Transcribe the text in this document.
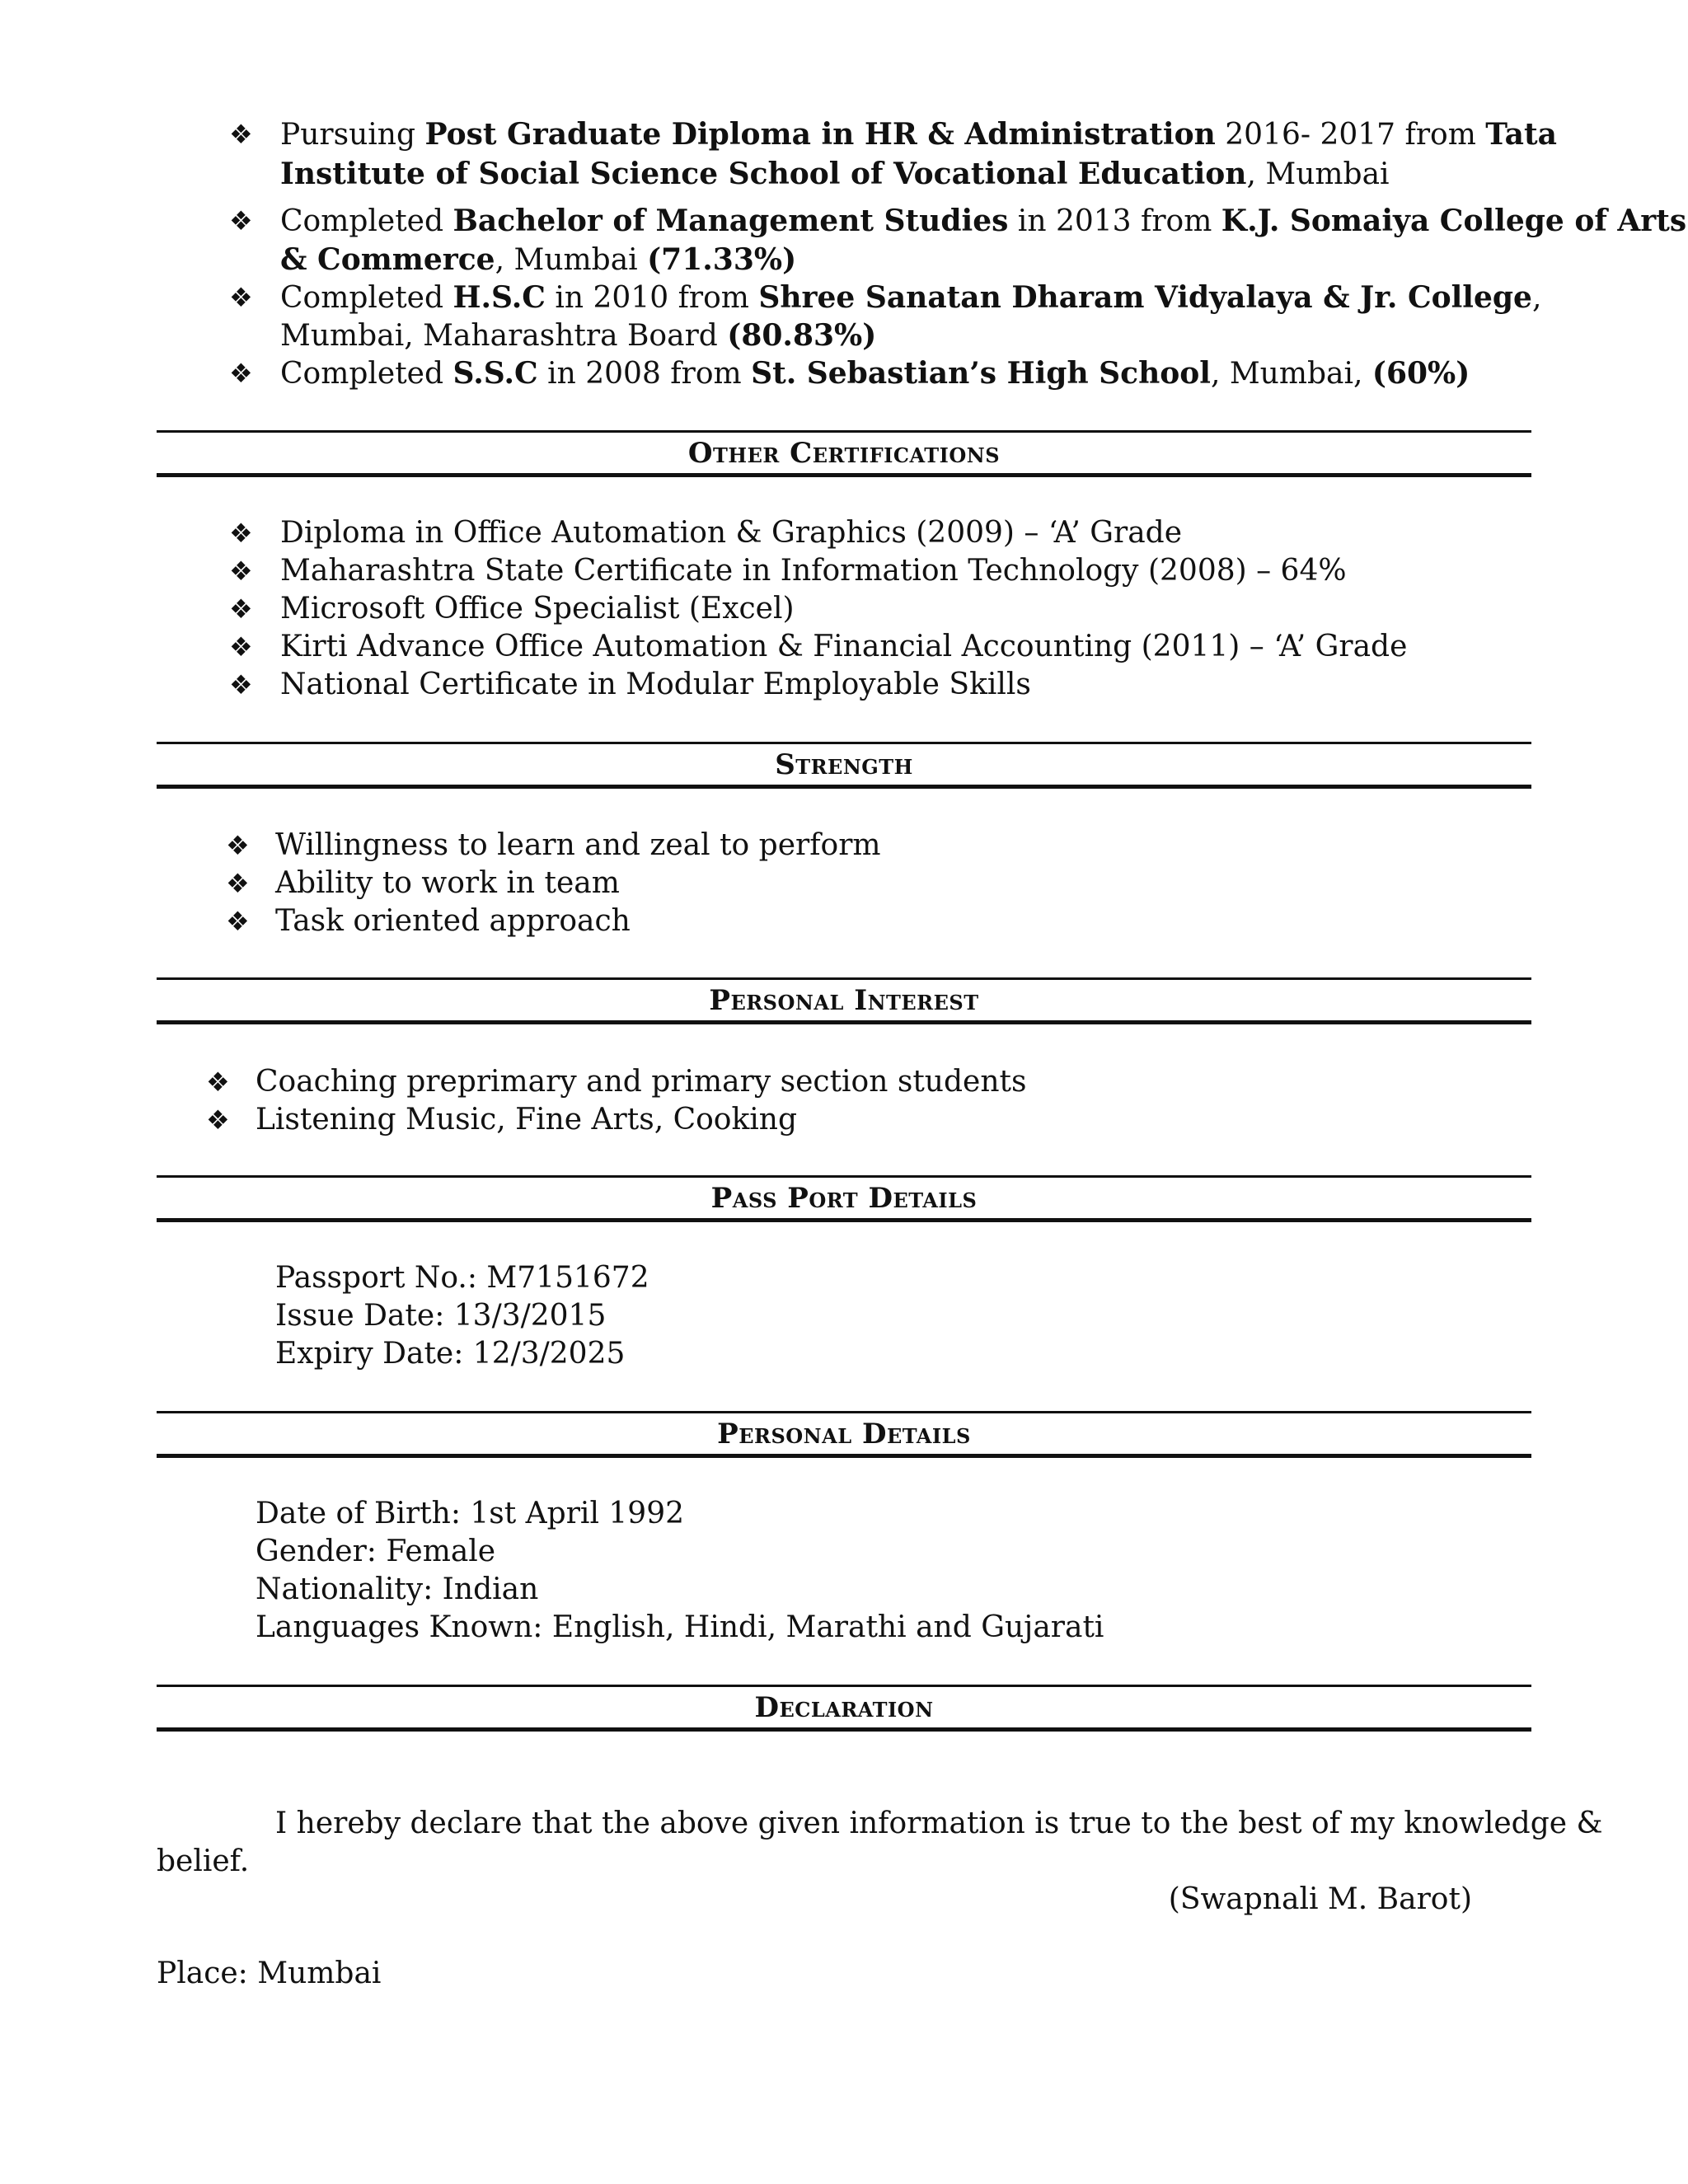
❖ Pursuing Post Graduate Diploma in HR & Administration 2016- 2017 from Tata
Institute of Social Science School of Vocational Education, Mumbai
❖ Completed Bachelor of Management Studies in 2013 from K.J. Somaiya College of Arts
& Commerce, Mumbai (71.33%)
❖ Completed H.S.C in 2010 from Shree Sanatan Dharam Vidyalaya & Jr. College,
Mumbai, Maharashtra Board (80.83%)
❖ Completed S.S.C in 2008 from St. Sebastian’s High School, Mumbai, (60%)
Other Certifications
❖ Diploma in Office Automation & Graphics (2009) – ‘A’ Grade
❖ Maharashtra State Certificate in Information Technology (2008) – 64%
❖ Microsoft Office Specialist (Excel)
❖ Kirti Advance Office Automation & Financial Accounting (2011) – ‘A’ Grade
❖ National Certificate in Modular Employable Skills
Strength
❖ Willingness to learn and zeal to perform
❖ Ability to work in team
❖ Task oriented approach
Personal Interest
❖ Coaching preprimary and primary section students
❖ Listening Music, Fine Arts, Cooking
Pass Port Details
Passport No.: M7151672
Issue Date: 13/3/2015
Expiry Date: 12/3/2025
Personal Details
Date of Birth: 1st April 1992
Gender: Female
Nationality: Indian
Languages Known: English, Hindi, Marathi and Gujarati
Declaration
I hereby declare that the above given information is true to the best of my knowledge &
belief.
(Swapnali M. Barot)
Place: Mumbai
